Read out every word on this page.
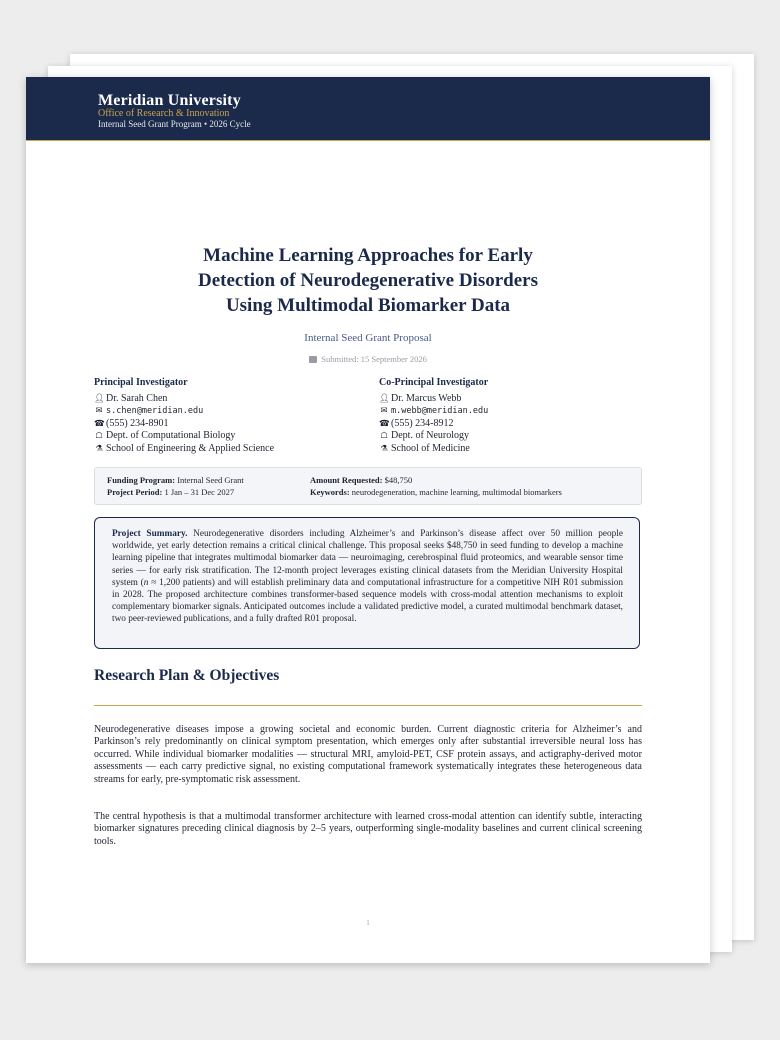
Meridian University
Office of Research & Innovation
Internal Seed Grant Program • 2026 Cycle
Machine Learning Approaches for Early
Detection of Neurodegenerative Disorders
Using Multimodal Biomarker Data
Internal Seed Grant Proposal
Submitted: 15 September 2026
Principal Investigator
👤︎ Dr. Sarah Chen
✉ s.chen@meridian.edu
☎ (555) 234-8901
☖ Dept. of Computational Biology
⚗ School of Engineering & Applied Science
Co-Principal Investigator
👤︎ Dr. Marcus Webb
✉ m.webb@meridian.edu
☎ (555) 234-8912
☖ Dept. of Neurology
⚗ School of Medicine
Funding Program: Internal Seed Grant
Project Period: 1 Jan – 31 Dec 2027
Amount Requested: $48,750
Keywords: neurodegeneration, machine learning, multimodal biomarkers
Project Summary. Neurodegenerative disorders including Alzheimer’s and Parkinson’s disease affect over 50 million people worldwide, yet early detection remains a critical clinical challenge. This proposal seeks $48,750 in seed funding to develop a machine learning pipeline that integrates multimodal biomarker data — neuroimaging, cerebrospinal fluid proteomics, and wearable sensor time series — for early risk stratification. The 12-month project leverages existing clinical datasets from the Meridian University Hospital system (n ≈ 1,200 patients) and will establish preliminary data and computational infrastructure for a competitive NIH R01 submission in 2028. The proposed architecture combines transformer-based sequence models with cross-modal attention mechanisms to exploit complementary biomarker signals. Anticipated outcomes include a validated predictive model, a curated multimodal benchmark dataset, two peer-reviewed publications, and a fully drafted R01 proposal.
Research Plan & Objectives
Neurodegenerative diseases impose a growing societal and economic burden. Current diagnostic criteria for Alzheimer’s and Parkinson’s rely predominantly on clinical symptom presentation, which emerges only after substantial irreversible neural loss has occurred. While individual biomarker modalities — structural MRI, amyloid-PET, CSF protein assays, and actigraphy-derived motor assessments — each carry predictive signal, no existing computational framework systematically integrates these heterogeneous data streams for early, pre-symptomatic risk assessment.
The central hypothesis is that a multimodal transformer architecture with learned cross-modal attention can identify subtle, interacting biomarker signatures preceding clinical diagnosis by 2–5 years, outperforming single-modality baselines and current clinical screening tools.
1
